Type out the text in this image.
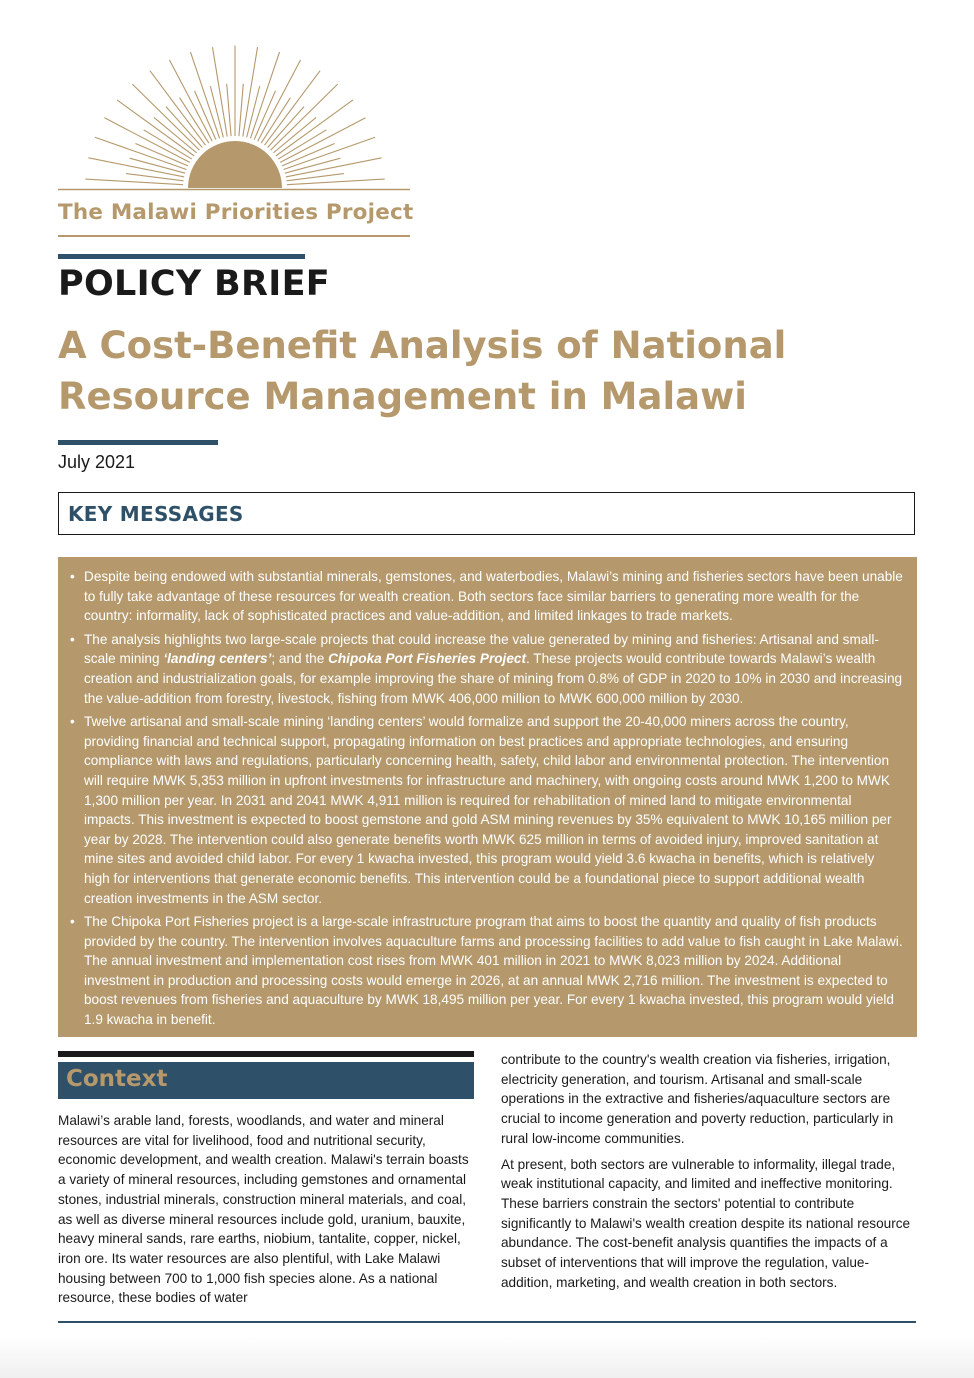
The Malawi Priorities Project
POLICY BRIEF
A Cost-Benefit Analysis of National Resource Management in Malawi
July 2021
KEY MESSAGES
• Despite being endowed with substantial minerals, gemstones, and waterbodies, Malawi’s mining and fisheries sectors have been unable to fully take advantage of these resources for wealth creation. Both sectors face similar barriers to generating more wealth for the country: informality, lack of sophisticated practices and value-addition, and limited linkages to trade markets.
• The analysis highlights two large-scale projects that could increase the value generated by mining and fisheries: Artisanal and small-scale mining ‘landing centers’; and the Chipoka Port Fisheries Project. These projects would contribute towards Malawi’s wealth creation and industrialization goals, for example improving the share of mining from 0.8% of GDP in 2020 to 10% in 2030 and increasing the value-addition from forestry, livestock, fishing from MWK 406,000 million to MWK 600,000 million by 2030.
• Twelve artisanal and small-scale mining ‘landing centers’ would formalize and support the 20-40,000 miners across the country, providing financial and technical support, propagating information on best practices and appropriate technologies, and ensuring compliance with laws and regulations, particularly concerning health, safety, child labor and environmental protection. The intervention will require MWK 5,353 million in upfront investments for infrastructure and machinery, with ongoing costs around MWK 1,200 to MWK 1,300 million per year. In 2031 and 2041 MWK 4,911 million is required for rehabilitation of mined land to mitigate environmental impacts. This investment is expected to boost gemstone and gold ASM mining revenues by 35% equivalent to MWK 10,165 million per year by 2028. The intervention could also generate benefits worth MWK 625 million in terms of avoided injury, improved sanitation at mine sites and avoided child labor. For every 1 kwacha invested, this program would yield 3.6 kwacha in benefits, which is relatively high for interventions that generate economic benefits. This intervention could be a foundational piece to support additional wealth creation investments in the ASM sector.
• The Chipoka Port Fisheries project is a large-scale infrastructure program that aims to boost the quantity and quality of fish products provided by the country. The intervention involves aquaculture farms and processing facilities to add value to fish caught in Lake Malawi. The annual investment and implementation cost rises from MWK 401 million in 2021 to MWK 8,023 million by 2024. Additional investment in production and processing costs would emerge in 2026, at an annual MWK 2,716 million. The investment is expected to boost revenues from fisheries and aquaculture by MWK 18,495 million per year. For every 1 kwacha invested, this program would yield 1.9 kwacha in benefit.
Context

Malawi’s arable land, forests, woodlands, and water and mineral resources are vital for livelihood, food and nutritional security, economic development, and wealth creation. Malawi's terrain boasts a variety of mineral resources, including gemstones and ornamental stones, industrial minerals, construction mineral materials, and coal, as well as diverse mineral resources include gold, uranium, bauxite, heavy mineral sands, rare earths, niobium, tantalite, copper, nickel, iron ore. Its water resources are also plentiful, with Lake Malawi housing between 700 to 1,000 fish species alone. As a national resource, these bodies of water

contribute to the country's wealth creation via fisheries, irrigation, electricity generation, and tourism. Artisanal and small-scale operations in the extractive and fisheries/aquaculture sectors are crucial to income generation and poverty reduction, particularly in rural low-income communities.

At present, both sectors are vulnerable to informality, illegal trade, weak institutional capacity, and limited and ineffective monitoring. These barriers constrain the sectors' potential to contribute significantly to Malawi's wealth creation despite its national resource abundance. The cost-benefit analysis quantifies the impacts of a subset of interventions that will improve the regulation, value-addition, marketing, and wealth creation in both sectors.
